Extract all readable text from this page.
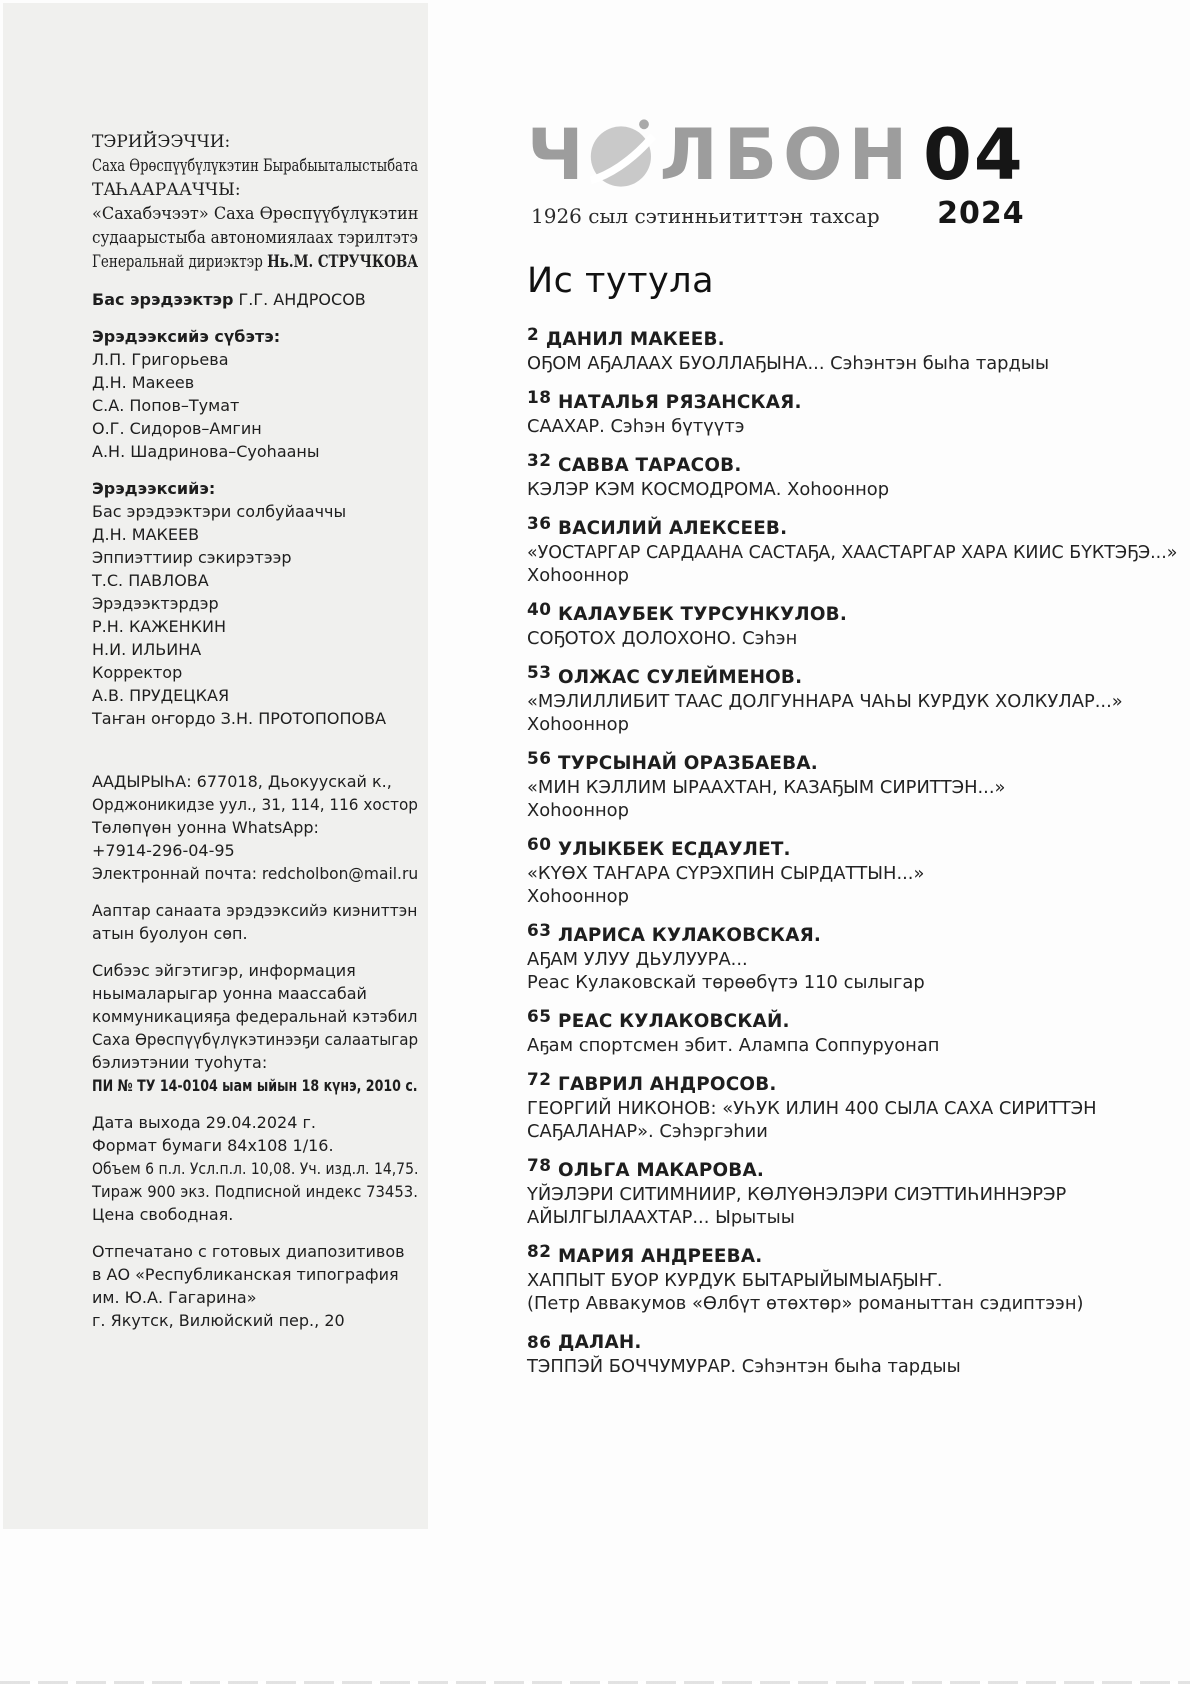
ТЭРИЙЭЭЧЧИ:
Саха Өрөспүүбүлүкэтин Бырабыыталыстыбата
ТАҺААРААЧЧЫ:
«Сахабэчээт» Саха Өрөспүүбүлүкэтин
судаарыстыба автономиялаах тэрилтэтэ
Генеральнай дириэктэр Нь.М. СТРУЧКОВА
Бас эрэдээктэр Г.Г. АНДРОСОВ
Эрэдээксийэ сүбэтэ:
Л.П. Григорьева
Д.Н. Макеев
С.А. Попов–Тумат
О.Г. Сидоров–Амгин
А.Н. Шадринова–Суоһааны
Эрэдээксийэ:
Бас эрэдээктэри солбуйааччы
Д.Н. МАКЕЕВ
Эппиэттиир сэкирэтээр
Т.С. ПАВЛОВА
Эрэдээктэрдэр
Р.Н. КАЖЕНКИН
Н.И. ИЛЬИНА
Корректор
А.В. ПРУДЕЦКАЯ
Таҥан оҥордо З.Н. ПРОТОПОПОВА
ААДЫРЫҺА: 677018, Дьокуускай к.,
Орджоникидзе уул., 31, 114, 116 хостор
Төлөпүөн уонна WhatsApp:
+7914-296-04-95
Электроннай почта: redcholbon@mail.ru
Ааптар санаата эрэдээксийэ киэниттэн
атын буолуон сөп.
Сибээс эйгэтигэр, информация
ньымаларыгар уонна маассабай
коммуникацияҕа федеральнай кэтэбил
Саха Өрөспүүбүлүкэтинээҕи салаатыгар
бэлиэтэнии туоһута:
ПИ № ТУ 14-0104 ыам ыйын 18 күнэ, 2010 с.
Дата выхода 29.04.2024 г.
Формат бумаги 84х108 1/16.
Объем 6 п.л. Усл.п.л. 10,08. Уч. изд.л. 14,75.
Тираж 900 экз. Подписной индекс 73453.
Цена свободная.
Отпечатано с готовых диапозитивов
в АО «Республиканская типография
им. Ю.А. Гагарина»
г. Якутск, Вилюйский пер., 20
Ч ЛБОН 04
1926 сыл сэтинньититтэн тахсар 2024
Ис тутула
2 ДАНИЛ МАКЕЕВ.
ОҔОМ АҔАЛААХ БУОЛЛАҔЫНА... Сэһэнтэн быһа тардыы
18 НАТАЛЬЯ РЯЗАНСКАЯ.
СААХАР. Сэһэн бүтүүтэ
32 САВВА ТАРАСОВ.
КЭЛЭР КЭМ КОСМОДРОМА. Хоһооннор
36 ВАСИЛИЙ АЛЕКСЕЕВ.
«УОСТАРГАР САРДААНА САСТАҔА, ХААСТАРГАР ХАРА КИИС БҮКТЭҔЭ...»
Хоһооннор
40 КАЛАУБЕК ТУРСУНКУЛОВ.
СОҔОТОХ ДОЛОХОНО. Сэһэн
53 ОЛЖАС СУЛЕЙМЕНОВ.
«МЭЛИЛЛИБИТ ТААС ДОЛГУННАРА ЧАҺЫ КУРДУК ХОЛКУЛАР...»
Хоһооннор
56 ТУРСЫНАЙ ОРАЗБАЕВА.
«МИН КЭЛЛИМ ЫРААХТАН, КАЗАҔЫМ СИРИТТЭН...»
Хоһооннор
60 УЛЫКБЕК ЕСДАУЛЕТ.
«КҮӨХ ТАҤАРА СҮРЭХПИН СЫРДАТТЫН...»
Хоһооннор
63 ЛАРИСА КУЛАКОВСКАЯ.
АҔАМ УЛУУ ДЬУЛУУРА...
Реас Кулаковскай төрөөбүтэ 110 сылыгар
65 РЕАС КУЛАКОВСКАЙ.
Аҕам спортсмен эбит. Алампа Соппуруонап
72 ГАВРИЛ АНДРОСОВ.
ГЕОРГИЙ НИКОНОВ: «УҺУК ИЛИН 400 СЫЛА САХА СИРИТТЭН
САҔАЛАНАР». Сэһэргэһии
78 ОЛЬГА МАКАРОВА.
ҮЙЭЛЭРИ СИТИМНИИР, КӨЛҮӨНЭЛЭРИ СИЭТТИҺИННЭРЭР
АЙЫЛГЫЛААХТАР... Ырытыы
82 МАРИЯ АНДРЕЕВА.
ХАППЫТ БУОР КУРДУК БЫТАРЫЙЫМЫАҔЫҤ.
(Петр Аввакумов «Өлбүт өтөхтөр» романыттан сэдиптээн)
86 ДАЛАН.
ТЭППЭЙ БОЧЧУМУРАР. Сэһэнтэн быһа тардыы
